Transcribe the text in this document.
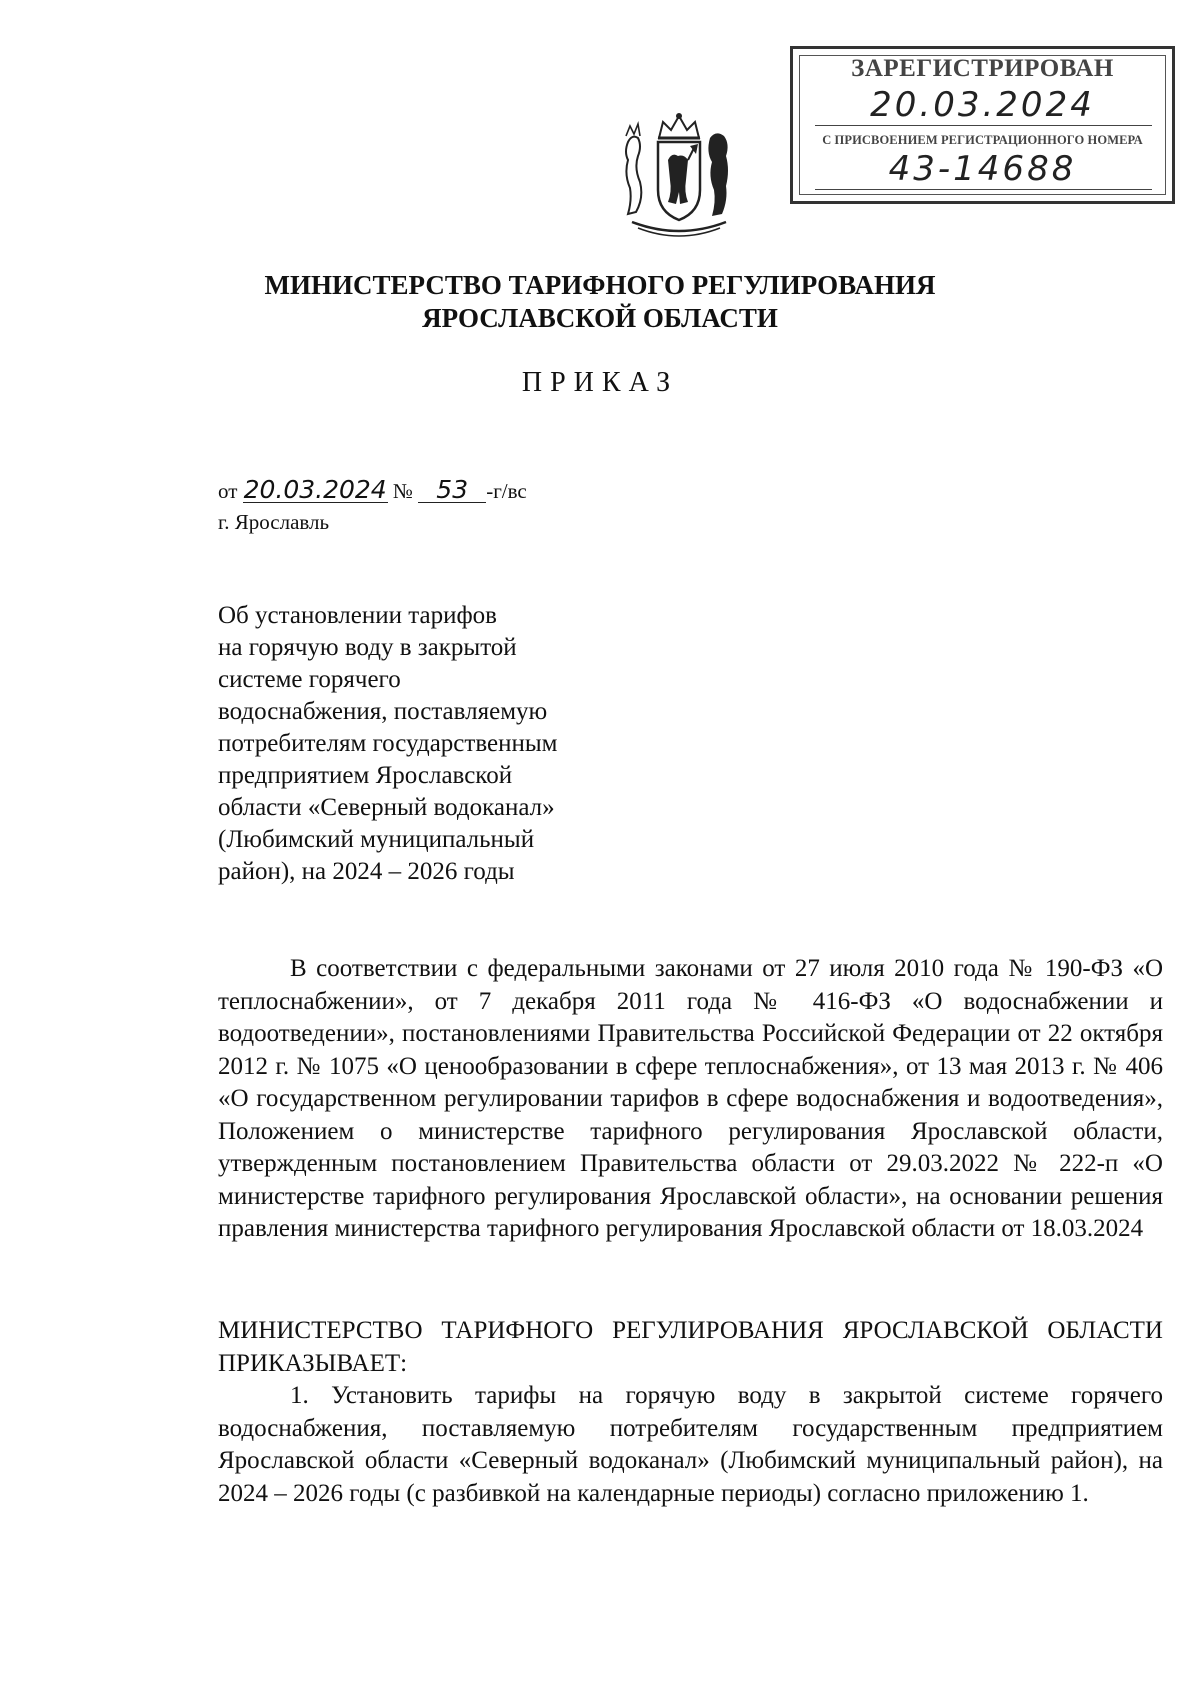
ЗАРЕГИСТРИРОВАН
20.03.2024
С ПРИСВОЕНИЕМ РЕГИСТРАЦИОННОГО НОМЕРА
43-14688
МИНИСТЕРСТВО ТАРИФНОГО РЕГУЛИРОВАНИЯ
ЯРОСЛАВСКОЙ ОБЛАСТИ
ПРИКАЗ
от 20.03.2024 № 53 -г/вс
г. Ярославль
Об установлении тарифов
на горячую воду в закрытой
системе горячего
водоснабжения, поставляемую
потребителям государственным
предприятием Ярославской
области «Северный водоканал»
(Любимский муниципальный
район), на 2024 – 2026 годы
В соответствии с федеральными законами от 27 июля 2010 года № 190-ФЗ «О теплоснабжении», от 7 декабря 2011 года № 416-ФЗ «О водоснабжении и водоотведении», постановлениями Правительства Российской Федерации от 22 октября 2012 г. № 1075 «О ценообразовании в сфере теплоснабжения», от 13 мая 2013 г. № 406 «О государственном регулировании тарифов в сфере водоснабжения и водоотведения», Положением о министерстве тарифного регулирования Ярославской области, утвержденным постановлением Правительства области от 29.03.2022 № 222-п «О министерстве тарифного регулирования Ярославской области», на основании решения правления министерства тарифного регулирования Ярославской области от 18.03.2024
МИНИСТЕРСТВО ТАРИФНОГО РЕГУЛИРОВАНИЯ ЯРОСЛАВСКОЙ ОБЛАСТИ ПРИКАЗЫВАЕТ:
1. Установить тарифы на горячую воду в закрытой системе горячего водоснабжения, поставляемую потребителям государственным предприятием Ярославской области «Северный водоканал» (Любимский муниципальный район), на 2024 – 2026 годы (с разбивкой на календарные периоды) согласно приложению 1.
